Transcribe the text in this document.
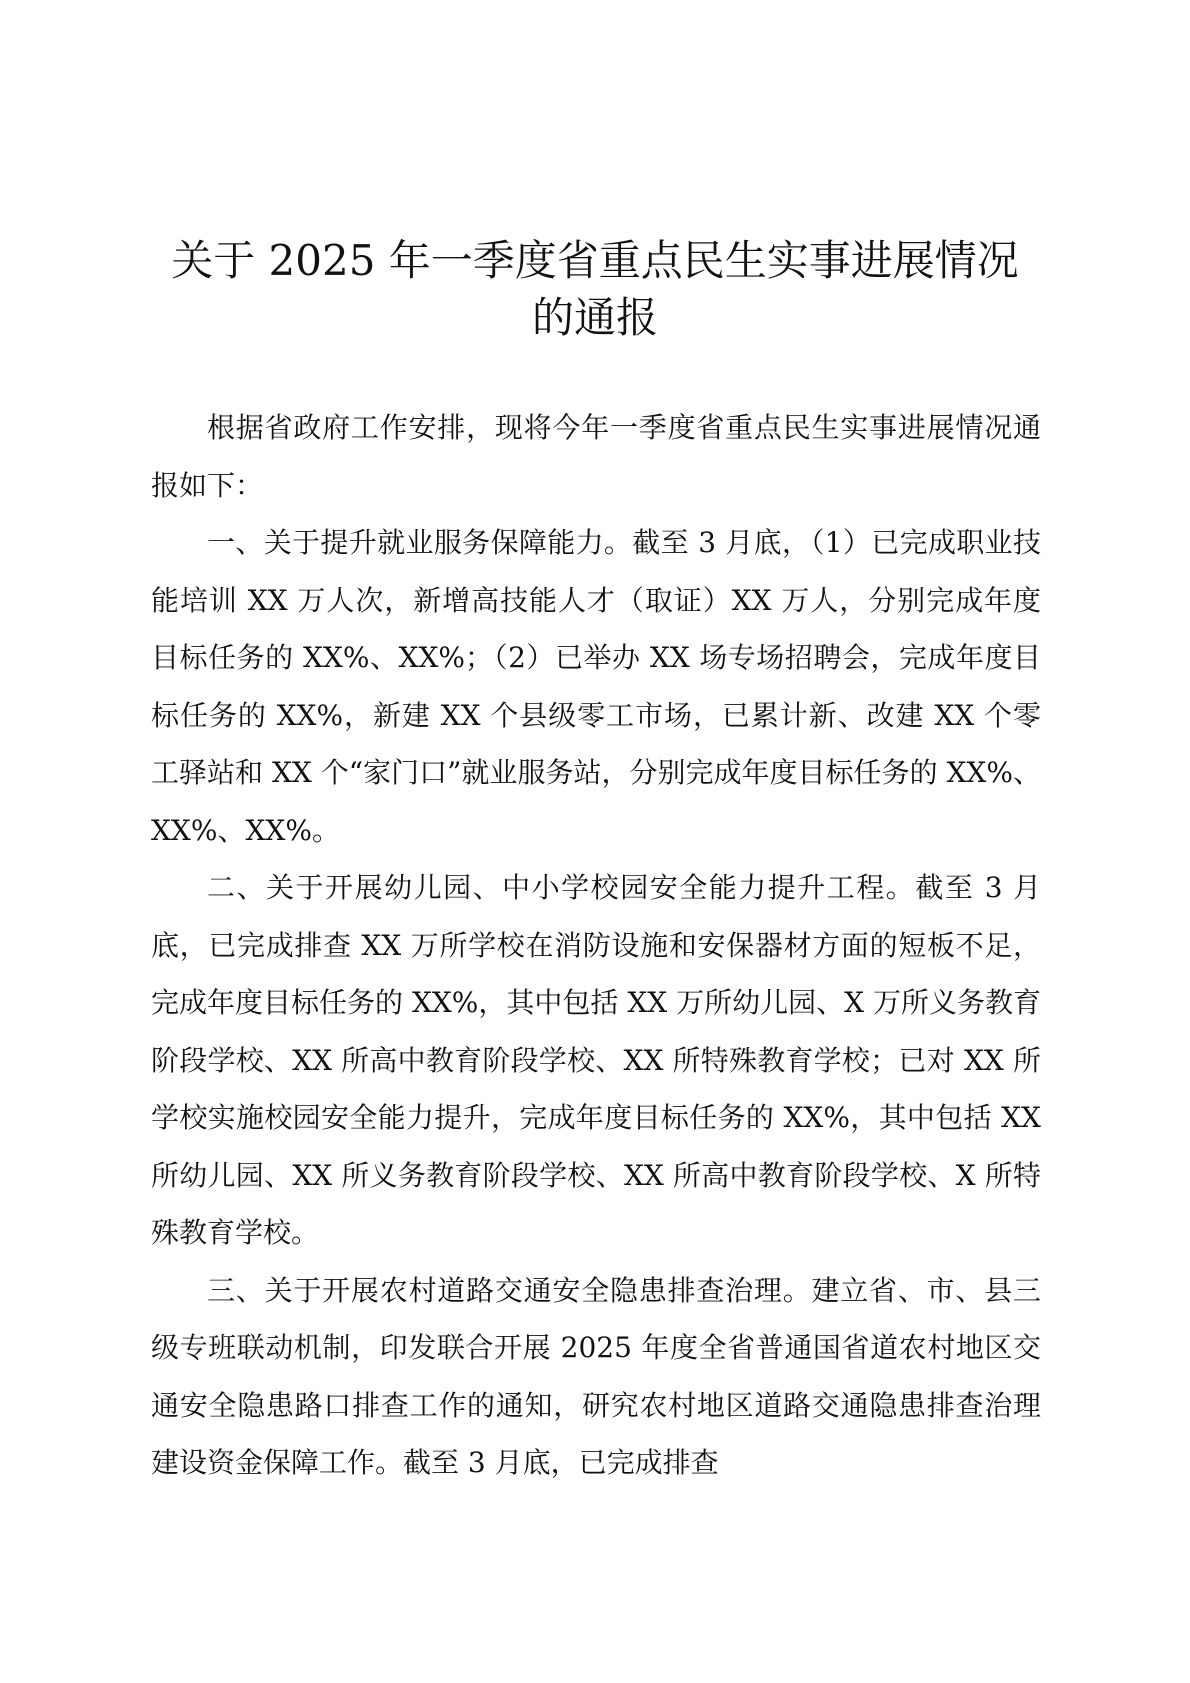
关于 2025 年一季度省重点民生实事进展情况
的通报

根据省政府工作安排，现将今年一季度省重点民生实事进展情况通报如下：

一、关于提升就业服务保障能力。截至 3 月底，（1）已完成职业技能培训 XX 万人次，新增高技能人才（取证）XX 万人，分别完成年度目标任务的 XX%、XX%；（2）已举办 XX 场专场招聘会，完成年度目标任务的 XX%，新建 XX 个县级零工市场，已累计新、改建 XX 个零工驿站和 XX 个“家门口”就业服务站，分别完成年度目标任务的 XX%、XX%、XX%。

二、关于开展幼儿园、中小学校园安全能力提升工程。截至 3 月底，已完成排查 XX 万所学校在消防设施和安保器材方面的短板不足，完成年度目标任务的 XX%，其中包括 XX 万所幼儿园、X 万所义务教育阶段学校、XX 所高中教育阶段学校、XX 所特殊教育学校；已对 XX 所学校实施校园安全能力提升，完成年度目标任务的 XX%，其中包括 XX 所幼儿园、XX 所义务教育阶段学校、XX 所高中教育阶段学校、X 所特殊教育学校。

三、关于开展农村道路交通安全隐患排查治理。建立省、市、县三级专班联动机制，印发联合开展 2025 年度全省普通国省道农村地区交通安全隐患路口排查工作的通知，研究农村地区道路交通隐患排查治理建设资金保障工作。截至 3 月底，已完成排查
